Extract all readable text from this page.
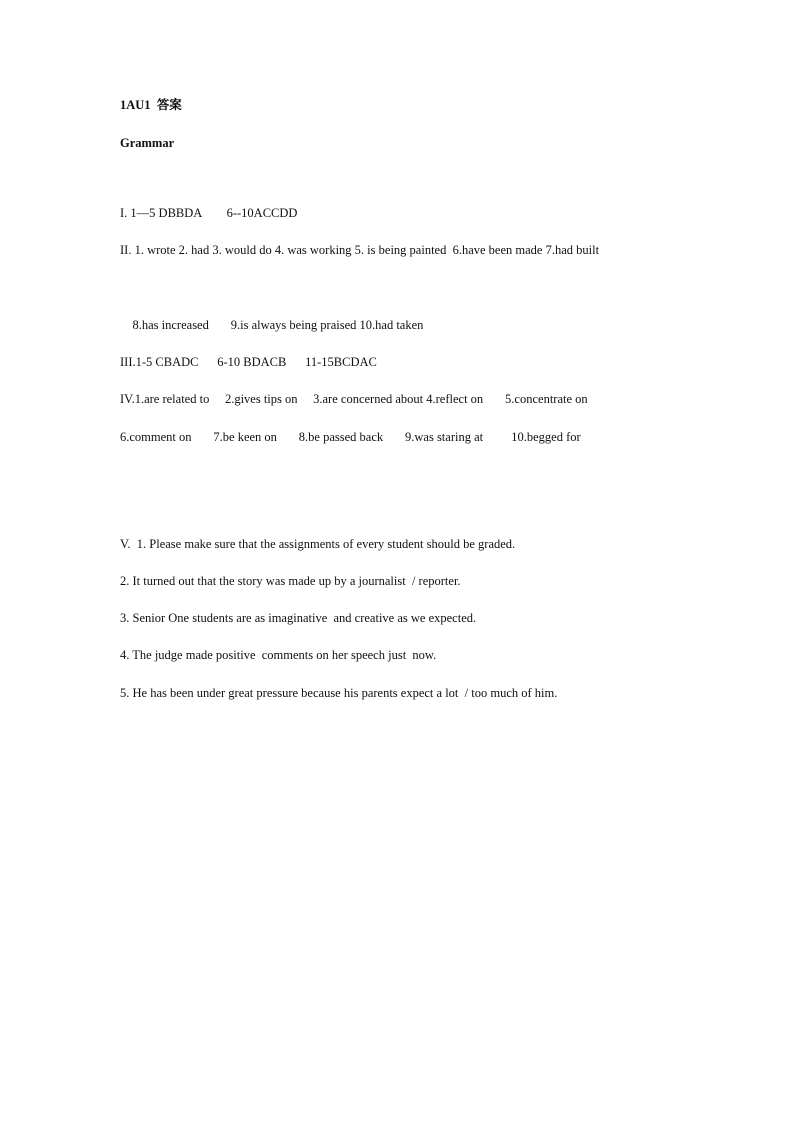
1AU1  答案
Grammar
I. 1—5 DBBDA        6--10ACCDD
II. 1. wrote 2. had 3. would do 4. was working 5. is being painted  6.have been made 7.had built
8.has increased       9.is always being praised 10.had taken
III.1-5 CBADC      6-10 BDACB      11-15BCDAC
IV.1.are related to     2.gives tips on     3.are concerned about 4.reflect on       5.concentrate on
6.comment on       7.be keen on       8.be passed back       9.was staring at         10.begged for
V.  1. Please make sure that the assignments of every student should be graded.
2. It turned out that the story was made up by a journalist  / reporter.
3. Senior One students are as imaginative  and creative as we expected.
4. The judge made positive  comments on her speech just  now.
5. He has been under great pressure because his parents expect a lot  / too much of him.
